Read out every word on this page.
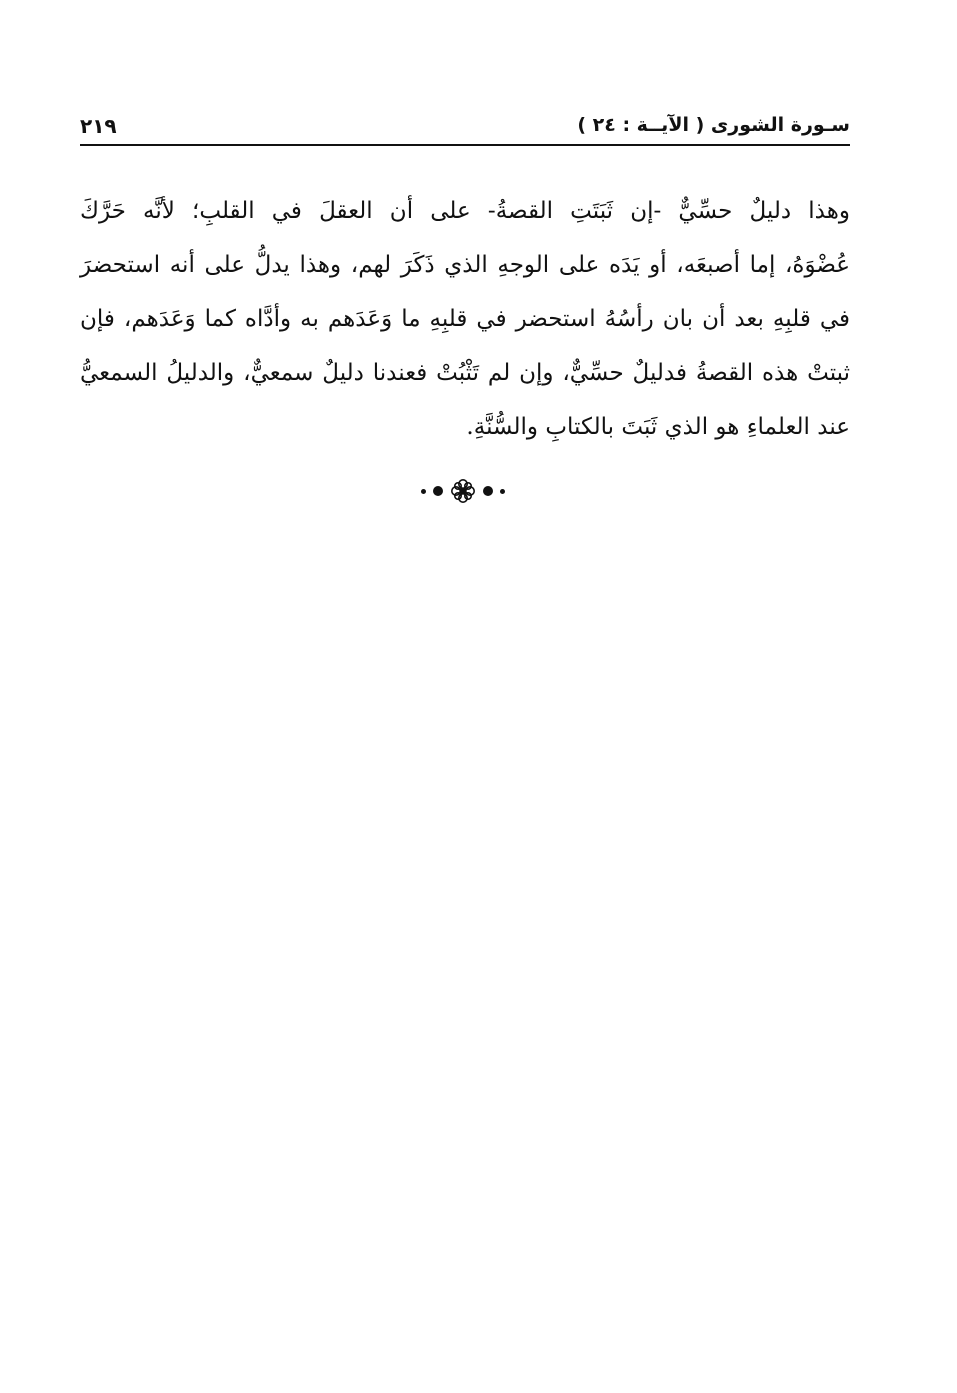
سـورة الشورى ( الآيــة : ٢٤ )
٢١٩
وهذا دليلٌ حسِّيٌّ -إن ثَبَتَتِ القصةُ- على أن العقلَ في القلبِ؛ لأنَّه حَرَّكَ
عُضْوَهُ، إما أصبعَه، أو يَدَه على الوجهِ الذي ذَكَرَ لهم، وهذا يدلُّ على أنه استحضرَ
في قلبِهِ بعد أن بان رأسُهُ استحضر في قلبِهِ ما وَعَدَهم به وأدَّاه كما وَعَدَهم، فإن
ثبتتْ هذه القصةُ فدليلٌ حسِّيٌّ، وإن لم تَثْبُتْ فعندنا دليلٌ سمعيٌّ، والدليلُ السمعيُّ
عند العلماءِ هو الذي ثَبَتَ بالكتابِ والسُّنَّةِ.
